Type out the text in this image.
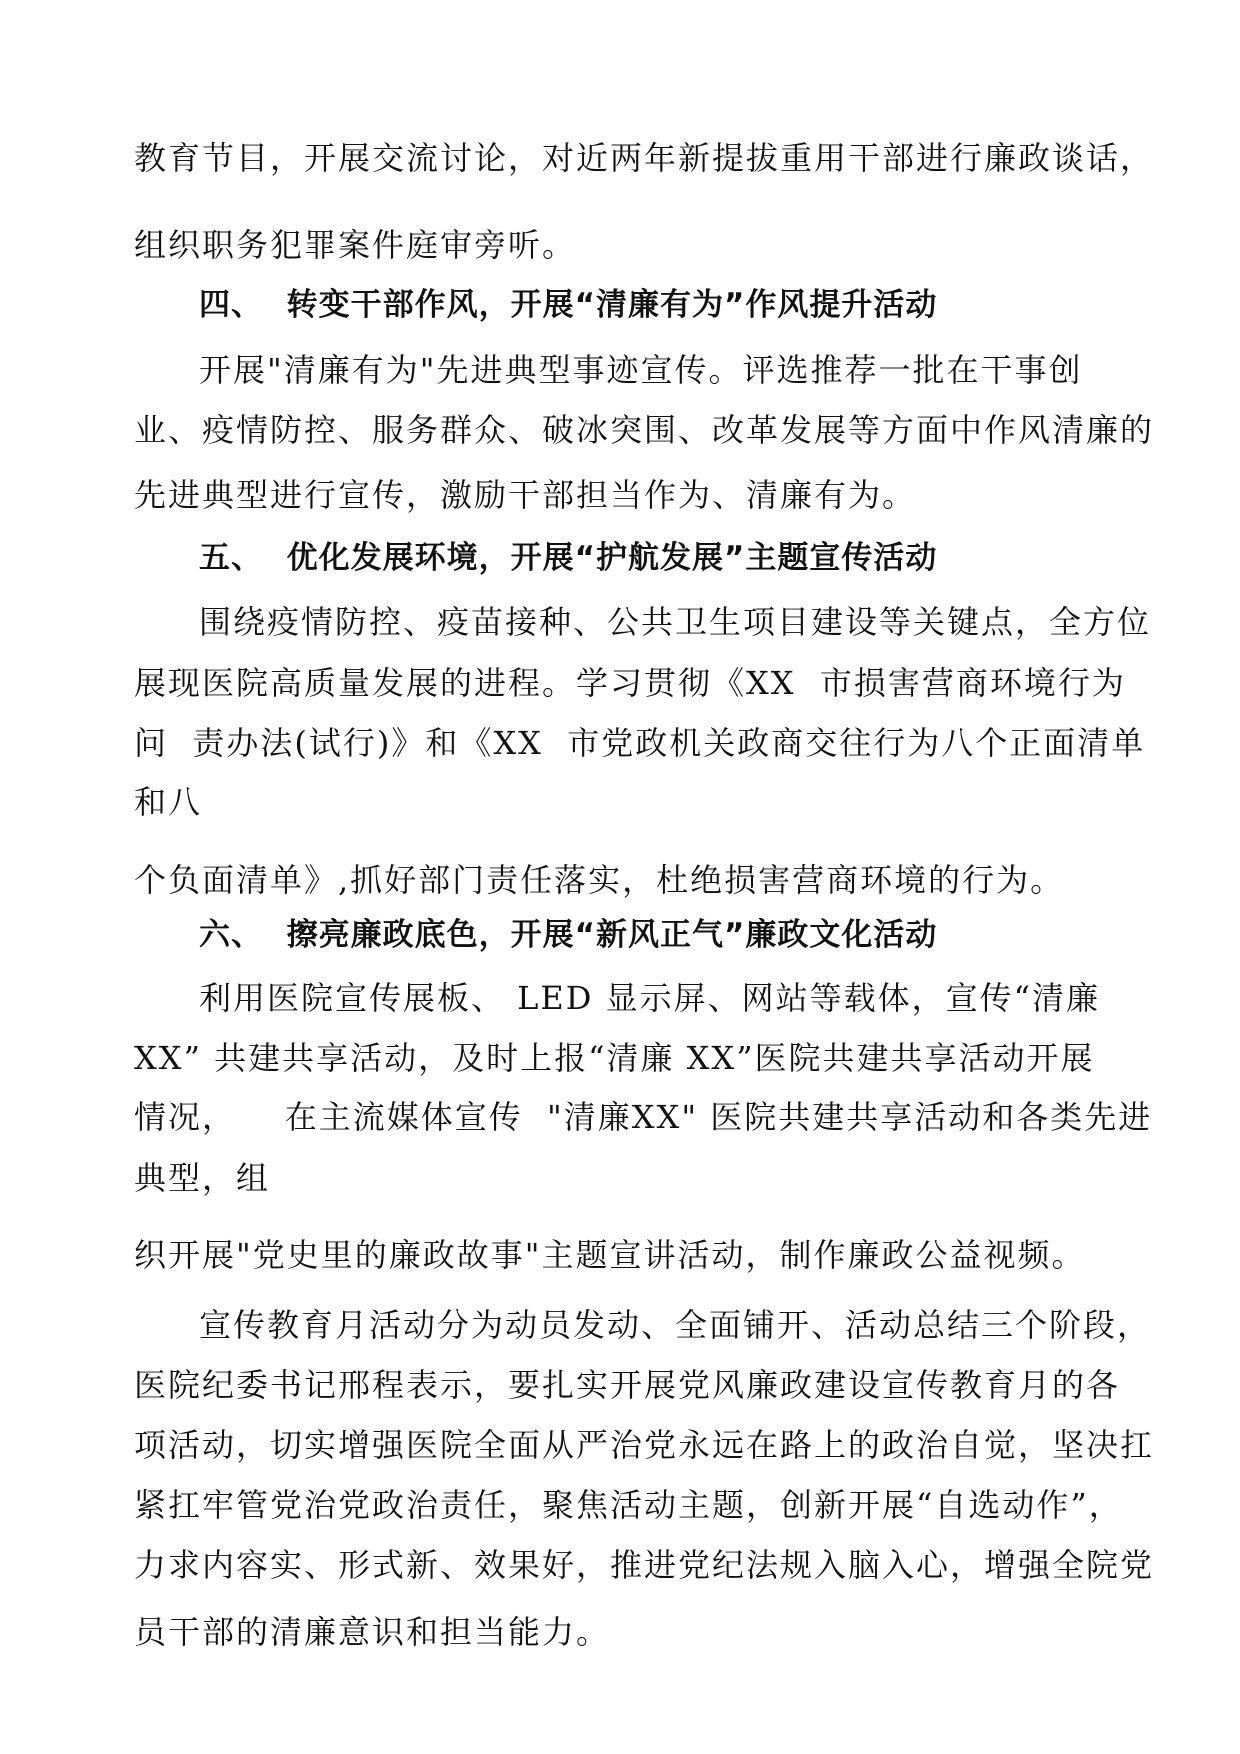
教育节目，开展交流讨论，对近两年新提拔重用干部进行廉政谈话，
组织职务犯罪案件庭审旁听。
四、  转变干部作风，开展“清廉有为”作风提升活动
开展"清廉有为"先进典型事迹宣传。评选推荐一批在干事创
业、疫情防控、服务群众、破冰突围、改革发展等方面中作风清廉的
先进典型进行宣传，激励干部担当作为、清廉有为。
五、  优化发展环境，开展“护航发展”主题宣传活动
围绕疫情防控、疫苗接种、公共卫生项目建设等关键点，全方位
展现医院高质量发展的进程。学习贯彻《XX  市损害营商环境行为
问  责办法(试行)》和《XX  市党政机关政商交往行为八个正面清单
和八
个负面清单》,抓好部门责任落实，杜绝损害营商环境的行为。
六、  擦亮廉政底色，开展“新风正气”廉政文化活动
利用医院宣传展板、 LED 显示屏、网站等载体，宣传“清廉
XX” 共建共享活动，及时上报“清廉 XX”医院共建共享活动开展
情况，    在主流媒体宣传  "清廉XX" 医院共建共享活动和各类先进
典型，组
织开展"党史里的廉政故事"主题宣讲活动，制作廉政公益视频。
宣传教育月活动分为动员发动、全面铺开、活动总结三个阶段，
医院纪委书记邢程表示，要扎实开展党风廉政建设宣传教育月的各
项活动，切实增强医院全面从严治党永远在路上的政治自觉，坚决扛
紧扛牢管党治党政治责任，聚焦活动主题，创新开展“自选动作”，
力求内容实、形式新、效果好，推进党纪法规入脑入心，增强全院党
员干部的清廉意识和担当能力。
